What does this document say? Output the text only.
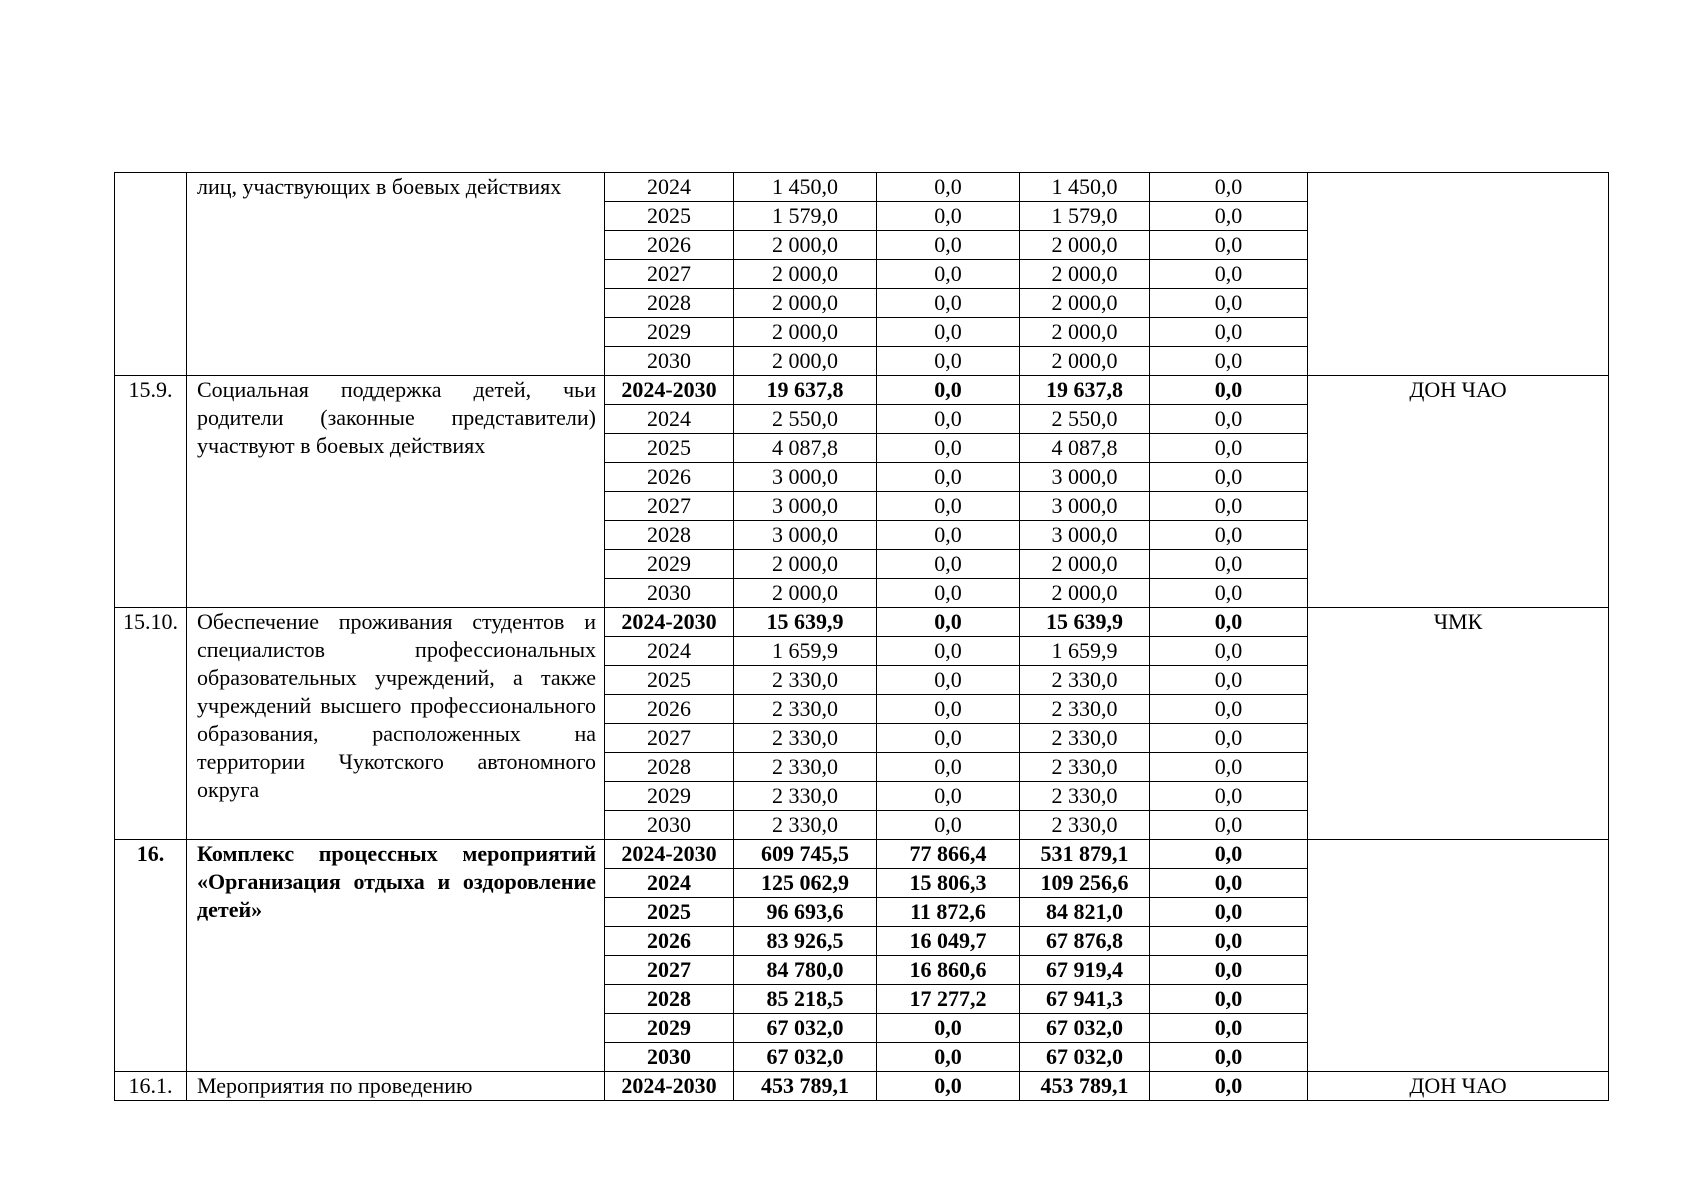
	лиц, участвующих в боевых действиях	2024	1 450,0	0,0	1 450,0	0,0	
		2025	1 579,0	0,0	1 579,0	0,0	
		2026	2 000,0	0,0	2 000,0	0,0	
		2027	2 000,0	0,0	2 000,0	0,0	
		2028	2 000,0	0,0	2 000,0	0,0	
		2029	2 000,0	0,0	2 000,0	0,0	
		2030	2 000,0	0,0	2 000,0	0,0	
15.9.	Социальная поддержка детей, чьи родители (законные представители) участвуют в боевых действиях	2024-2030	19 637,8	0,0	19 637,8	0,0	ДОН ЧАО
		2024	2 550,0	0,0	2 550,0	0,0	
		2025	4 087,8	0,0	4 087,8	0,0	
		2026	3 000,0	0,0	3 000,0	0,0	
		2027	3 000,0	0,0	3 000,0	0,0	
		2028	3 000,0	0,0	3 000,0	0,0	
		2029	2 000,0	0,0	2 000,0	0,0	
		2030	2 000,0	0,0	2 000,0	0,0	
15.10.	Обеспечение проживания студентов и специалистов профессиональных образовательных учреждений, а также учреждений высшего профессионального образования, расположенных на территории Чукотского автономного округа	2024-2030	15 639,9	0,0	15 639,9	0,0	ЧМК
		2024	1 659,9	0,0	1 659,9	0,0	
		2025	2 330,0	0,0	2 330,0	0,0	
		2026	2 330,0	0,0	2 330,0	0,0	
		2027	2 330,0	0,0	2 330,0	0,0	
		2028	2 330,0	0,0	2 330,0	0,0	
		2029	2 330,0	0,0	2 330,0	0,0	
		2030	2 330,0	0,0	2 330,0	0,0	
16.	Комплекс процессных мероприятий «Организация отдыха и оздоровление детей»	2024-2030	609 745,5	77 866,4	531 879,1	0,0	
		2024	125 062,9	15 806,3	109 256,6	0,0	
		2025	96 693,6	11 872,6	84 821,0	0,0	
		2026	83 926,5	16 049,7	67 876,8	0,0	
		2027	84 780,0	16 860,6	67 919,4	0,0	
		2028	85 218,5	17 277,2	67 941,3	0,0	
		2029	67 032,0	0,0	67 032,0	0,0	
		2030	67 032,0	0,0	67 032,0	0,0	
16.1.	Мероприятия по проведению	2024-2030	453 789,1	0,0	453 789,1	0,0	ДОН ЧАО
